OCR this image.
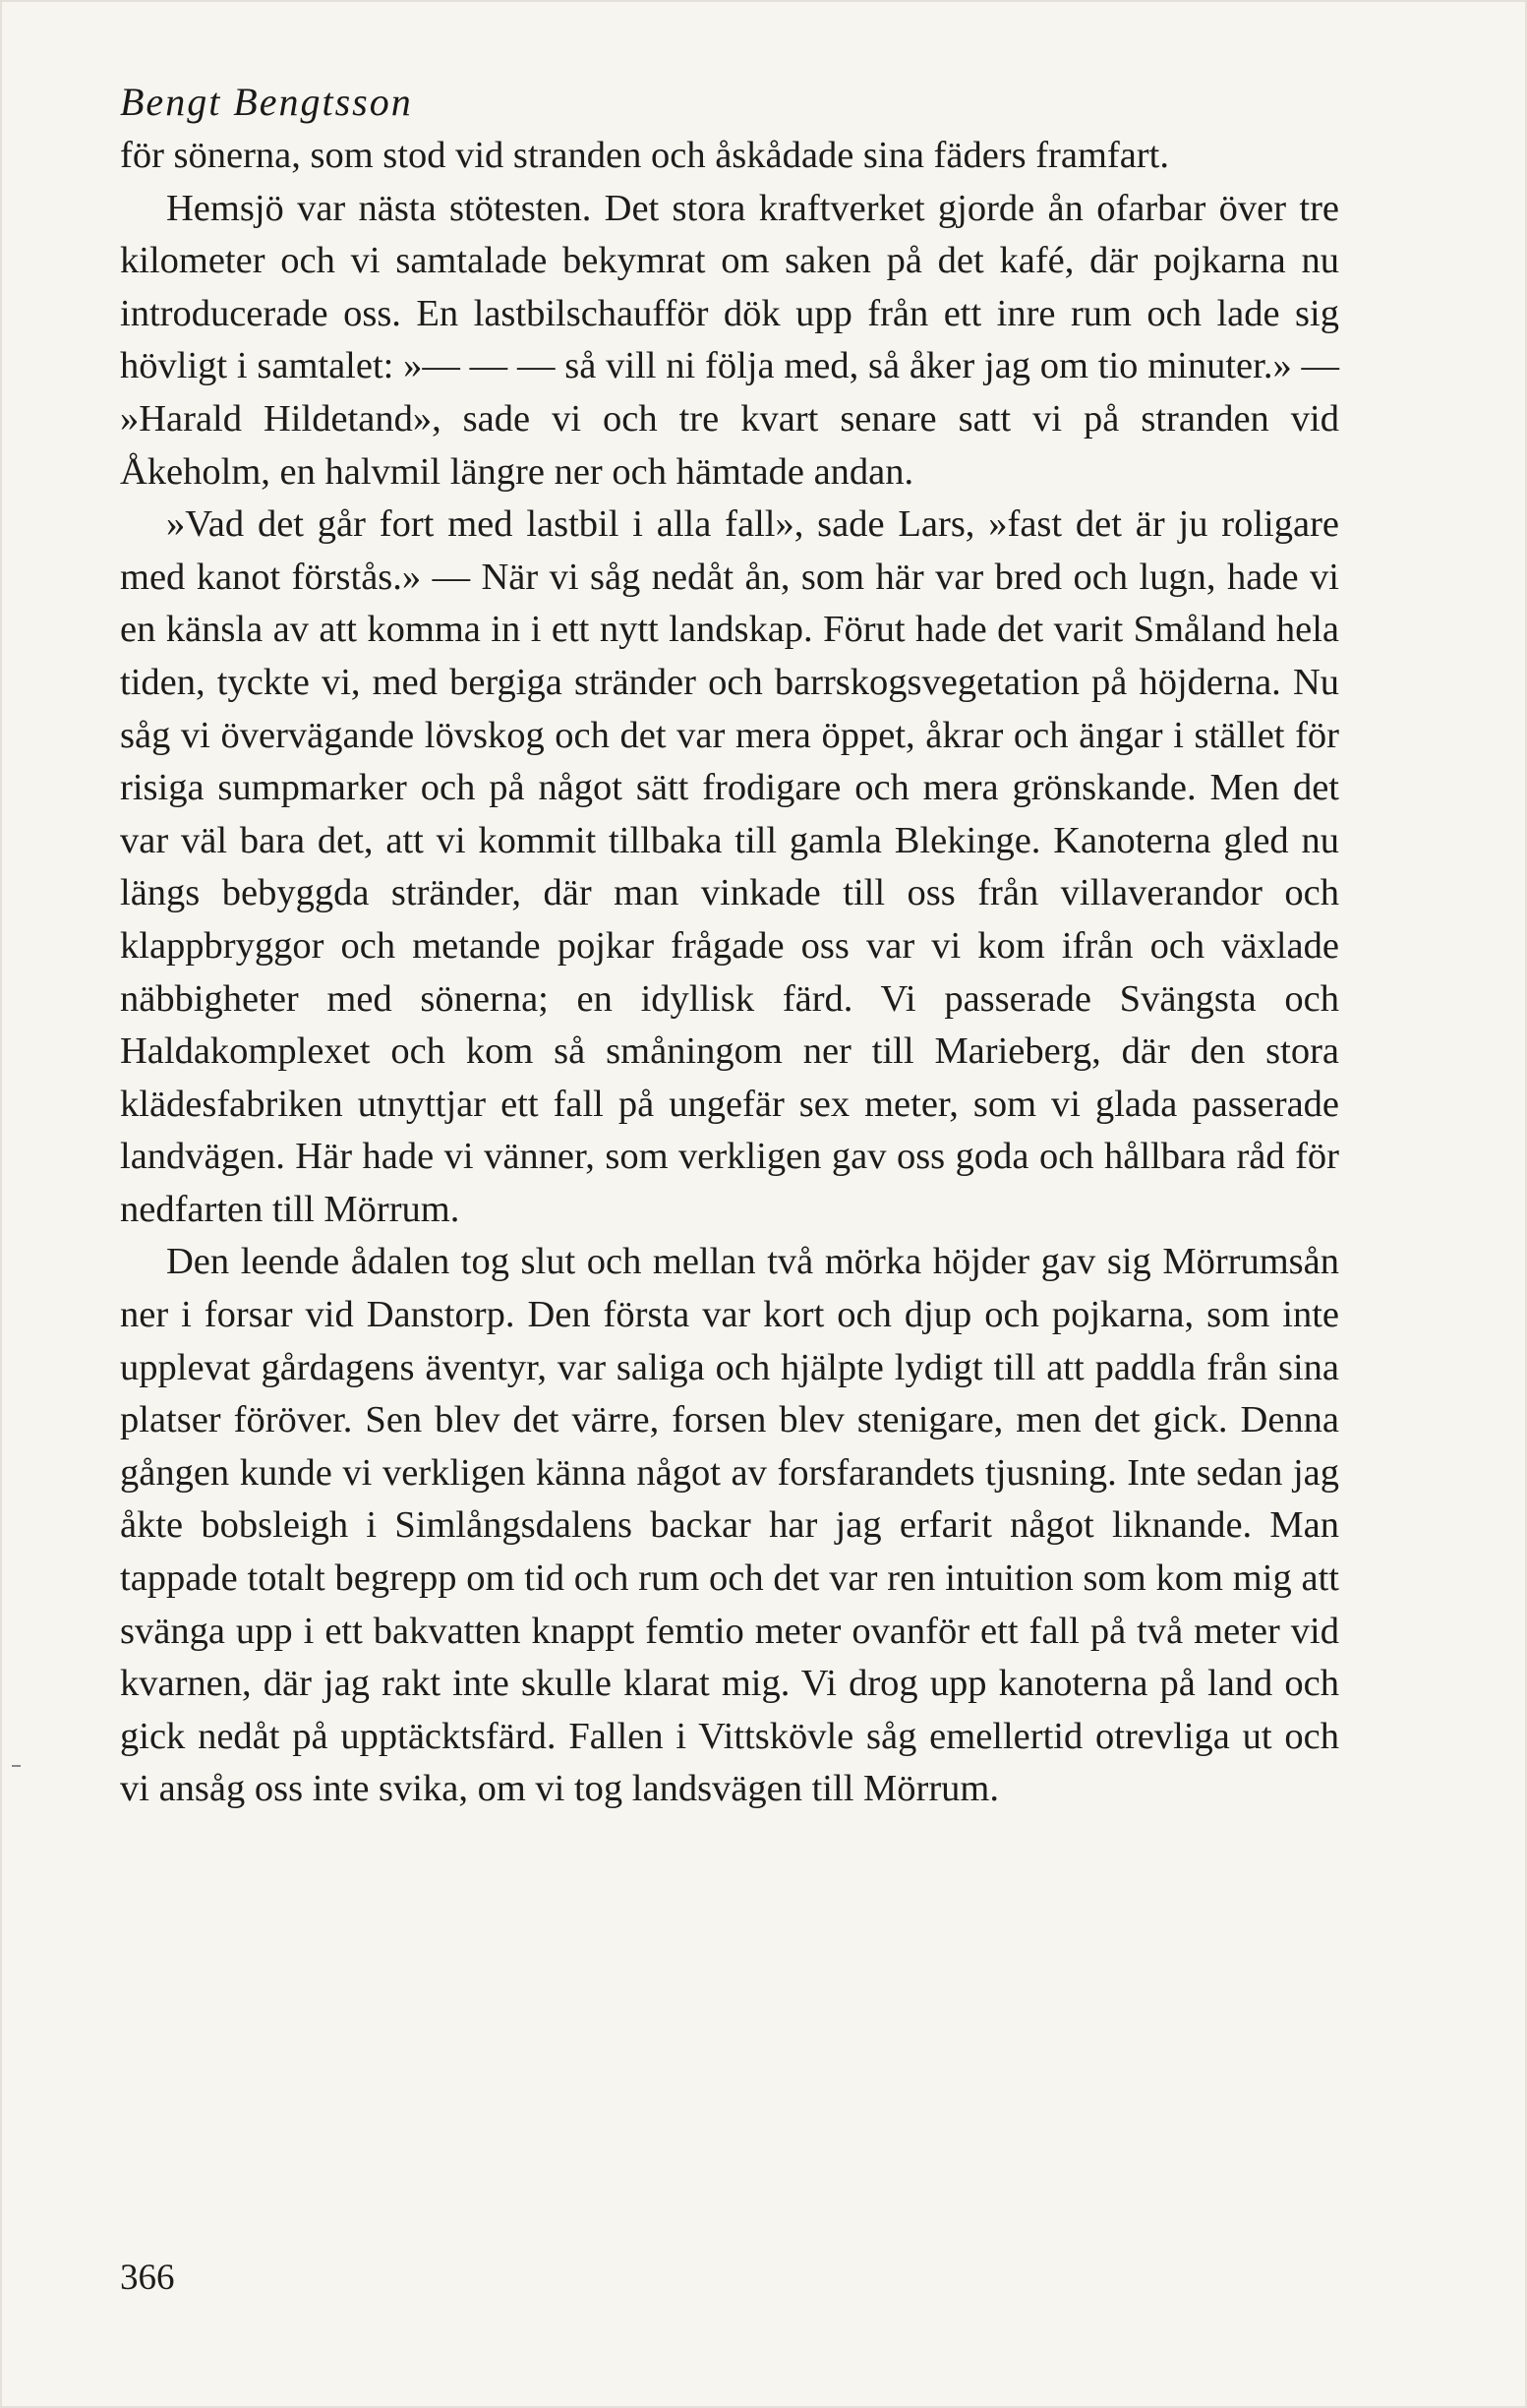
Bengt Bengtsson

för sönerna, som stod vid stranden och åskådade sina fäders framfart.

Hemsjö var nästa stötesten. Det stora kraftverket gjorde ån ofarbar över tre kilometer och vi samtalade bekymrat om saken på det kafé, där pojkarna nu introducerade oss. En lastbilschaufför dök upp från ett inre rum och lade sig hövligt i samtalet: »— — — så vill ni följa med, så åker jag om tio minuter.» — »Harald Hildetand», sade vi och tre kvart senare satt vi på stranden vid Åkeholm, en halvmil längre ner och hämtade andan.

»Vad det går fort med lastbil i alla fall», sade Lars, »fast det är ju roligare med kanot förstås.» — När vi såg nedåt ån, som här var bred och lugn, hade vi en känsla av att komma in i ett nytt landskap. Förut hade det varit Småland hela tiden, tyckte vi, med bergiga stränder och barrskogsvegetation på höjderna. Nu såg vi övervägande lövskog och det var mera öppet, åkrar och ängar i stället för risiga sumpmarker och på något sätt frodigare och mera grönskande. Men det var väl bara det, att vi kommit tillbaka till gamla Blekinge. Kanoterna gled nu längs bebyggda stränder, där man vinkade till oss från villaverandor och klappbryggor och metande pojkar frågade oss var vi kom ifrån och växlade näbbigheter med sönerna; en idyllisk färd. Vi passerade Svängsta och Haldakomplexet och kom så småningom ner till Marieberg, där den stora klädesfabriken utnyttjar ett fall på ungefär sex meter, som vi glada passerade landvägen. Här hade vi vänner, som verkligen gav oss goda och hållbara råd för nedfarten till Mörrum.

Den leende ådalen tog slut och mellan två mörka höjder gav sig Mörrumsån ner i forsar vid Danstorp. Den första var kort och djup och pojkarna, som inte upplevat gårdagens äventyr, var saliga och hjälpte lydigt till att paddla från sina platser föröver. Sen blev det värre, forsen blev stenigare, men det gick. Denna gången kunde vi verkligen känna något av forsfarandets tjusning. Inte sedan jag åkte bobsleigh i Simlångsdalens backar har jag erfarit något liknande. Man tappade totalt begrepp om tid och rum och det var ren intuition som kom mig att svänga upp i ett bakvatten knappt femtio meter ovanför ett fall på två meter vid kvarnen, där jag rakt inte skulle klarat mig. Vi drog upp kanoterna på land och gick nedåt på upptäcktsfärd. Fallen i Vittskövle såg emellertid otrevliga ut och vi ansåg oss inte svika, om vi tog landsvägen till Mörrum.

366
